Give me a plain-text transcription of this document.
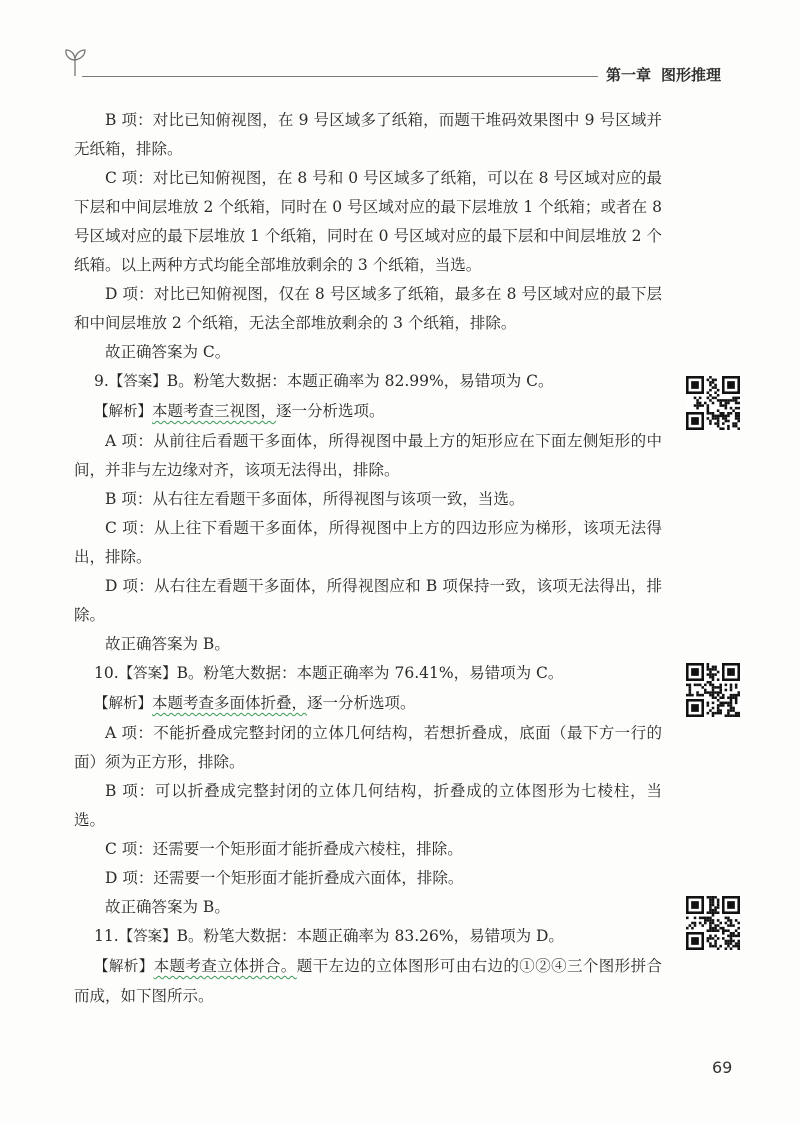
第一章 图形推理

B 项：对比已知俯视图，在 9 号区域多了纸箱，而题干堆码效果图中 9 号区域并无纸箱，排除。

C 项：对比已知俯视图，在 8 号和 0 号区域多了纸箱，可以在 8 号区域对应的最下层和中间层堆放 2 个纸箱，同时在 0 号区域对应的最下层堆放 1 个纸箱；或者在 8 号区域对应的最下层堆放 1 个纸箱，同时在 0 号区域对应的最下层和中间层堆放 2 个纸箱。以上两种方式均能全部堆放剩余的 3 个纸箱，当选。

D 项：对比已知俯视图，仅在 8 号区域多了纸箱，最多在 8 号区域对应的最下层和中间层堆放 2 个纸箱，无法全部堆放剩余的 3 个纸箱，排除。

故正确答案为 C。

9.【答案】B。粉笔大数据：本题正确率为 82.99%，易错项为 C。

【解析】本题考查三视图，逐一分析选项。

A 项：从前往后看题干多面体，所得视图中最上方的矩形应在下面左侧矩形的中间，并非与左边缘对齐，该项无法得出，排除。

B 项：从右往左看题干多面体，所得视图与该项一致，当选。

C 项：从上往下看题干多面体，所得视图中上方的四边形应为梯形，该项无法得出，排除。

D 项：从右往左看题干多面体，所得视图应和 B 项保持一致，该项无法得出，排除。

故正确答案为 B。

10.【答案】B。粉笔大数据：本题正确率为 76.41%，易错项为 C。

【解析】本题考查多面体折叠，逐一分析选项。

A 项：不能折叠成完整封闭的立体几何结构，若想折叠成，底面（最下方一行的面）须为正方形，排除。

B 项：可以折叠成完整封闭的立体几何结构，折叠成的立体图形为七棱柱，当选。

C 项：还需要一个矩形面才能折叠成六棱柱，排除。

D 项：还需要一个矩形面才能折叠成六面体，排除。

故正确答案为 B。

11.【答案】B。粉笔大数据：本题正确率为 83.26%，易错项为 D。

【解析】本题考查立体拼合。题干左边的立体图形可由右边的①②④三个图形拼合而成，如下图所示。

69
